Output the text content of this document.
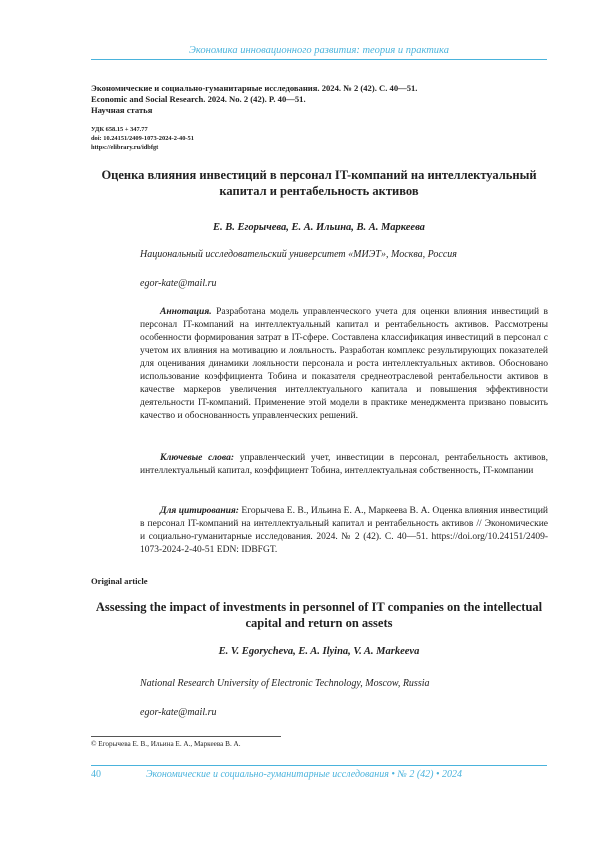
Экономика инновационного развития: теория и практика
Экономические и социально-гуманитарные исследования. 2024. № 2 (42). С. 40—51.
Economic and Social Research. 2024. No. 2 (42). P. 40—51.
Научная статья
УДК 658.15 + 347.77
doi: 10.24151/2409-1073-2024-2-40-51
https://elibrary.ru/idbfgt
Оценка влияния инвестиций в персонал IT-компаний на интеллектуальный капитал и рентабельность активов
Е. В. Егорычева, Е. А. Ильина, В. А. Маркеева
Национальный исследовательский университет «МИЭТ», Москва, Россия
egor-kate@mail.ru

Аннотация. Разработана модель управленческого учета для оценки влияния инвестиций в персонал IT-компаний на интеллектуальный капитал и рентабельность активов. Рассмотрены особенности формирования затрат в IT-сфере. Составлена классификация инвестиций в персонал с учетом их влияния на мотивацию и лояльность. Разработан комплекс результирующих показателей для оценивания динамики лояльности персонала и роста интеллектуальных активов. Обосновано использование коэффициента Тобина и показателя среднеотраслевой рентабельности активов в качестве маркеров увеличения интеллектуального капитала и повышения эффективности деятельности IT-компаний. Применение этой модели в практике менеджмента призвано повысить качество и обоснованность управленческих решений.

Ключевые слова: управленческий учет, инвестиции в персонал, рентабельность активов, интеллектуальный капитал, коэффициент Тобина, интеллектуальная собственность, IT-компании

Для цитирования: Егорычева Е. В., Ильина Е. А., Маркеева В. А. Оценка влияния инвестиций в персонал IT-компаний на интеллектуальный капитал и рентабельность активов // Экономические и социально-гуманитарные исследования. 2024. № 2 (42). С. 40—51. https://doi.org/10.24151/2409-1073-2024-2-40-51 EDN: IDBFGT.

Original article
Assessing the impact of investments in personnel of IT companies on the intellectual capital and return on assets
E. V. Egorycheva, E. A. Ilyina, V. A. Markeeva
National Research University of Electronic Technology, Moscow, Russia
egor-kate@mail.ru
© Егорычева Е. В., Ильина Е. А., Маркеева В. А.
40	Экономические и социально-гуманитарные исследования • № 2 (42) • 2024
